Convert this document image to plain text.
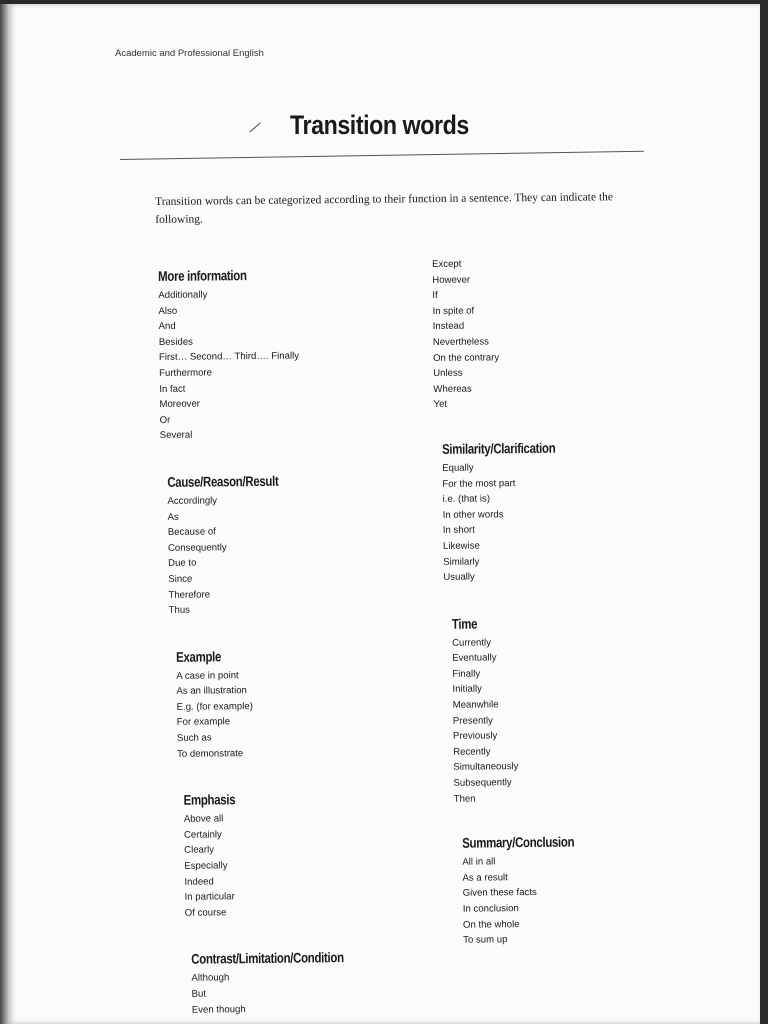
Academic and Professional English
Transition words
Transition words can be categorized according to their function in a sentence. They can indicate the following.
More information
Additionally
Also
And
Besides
First… Second… Third…. Finally
Furthermore
In fact
Moreover
Or
Several
Cause/Reason/Result
Accordingly
As
Because of
Consequently
Due to
Since
Therefore
Thus
Example
A case in point
As an illustration
E.g. (for example)
For example
Such as
To demonstrate
Emphasis
Above all
Certainly
Clearly
Especially
Indeed
In particular
Of course
Contrast/Limitation/Condition
Although
But
Even though
Except
However
If
In spite of
Instead
Nevertheless
On the contrary
Unless
Whereas
Yet
Similarity/Clarification
Equally
For the most part
i.e. (that is)
In other words
In short
Likewise
Similarly
Usually
Time
Currently
Eventually
Finally
Initially
Meanwhile
Presently
Previously
Recently
Simultaneously
Subsequently
Then
Summary/Conclusion
All in all
As a result
Given these facts
In conclusion
On the whole
To sum up
